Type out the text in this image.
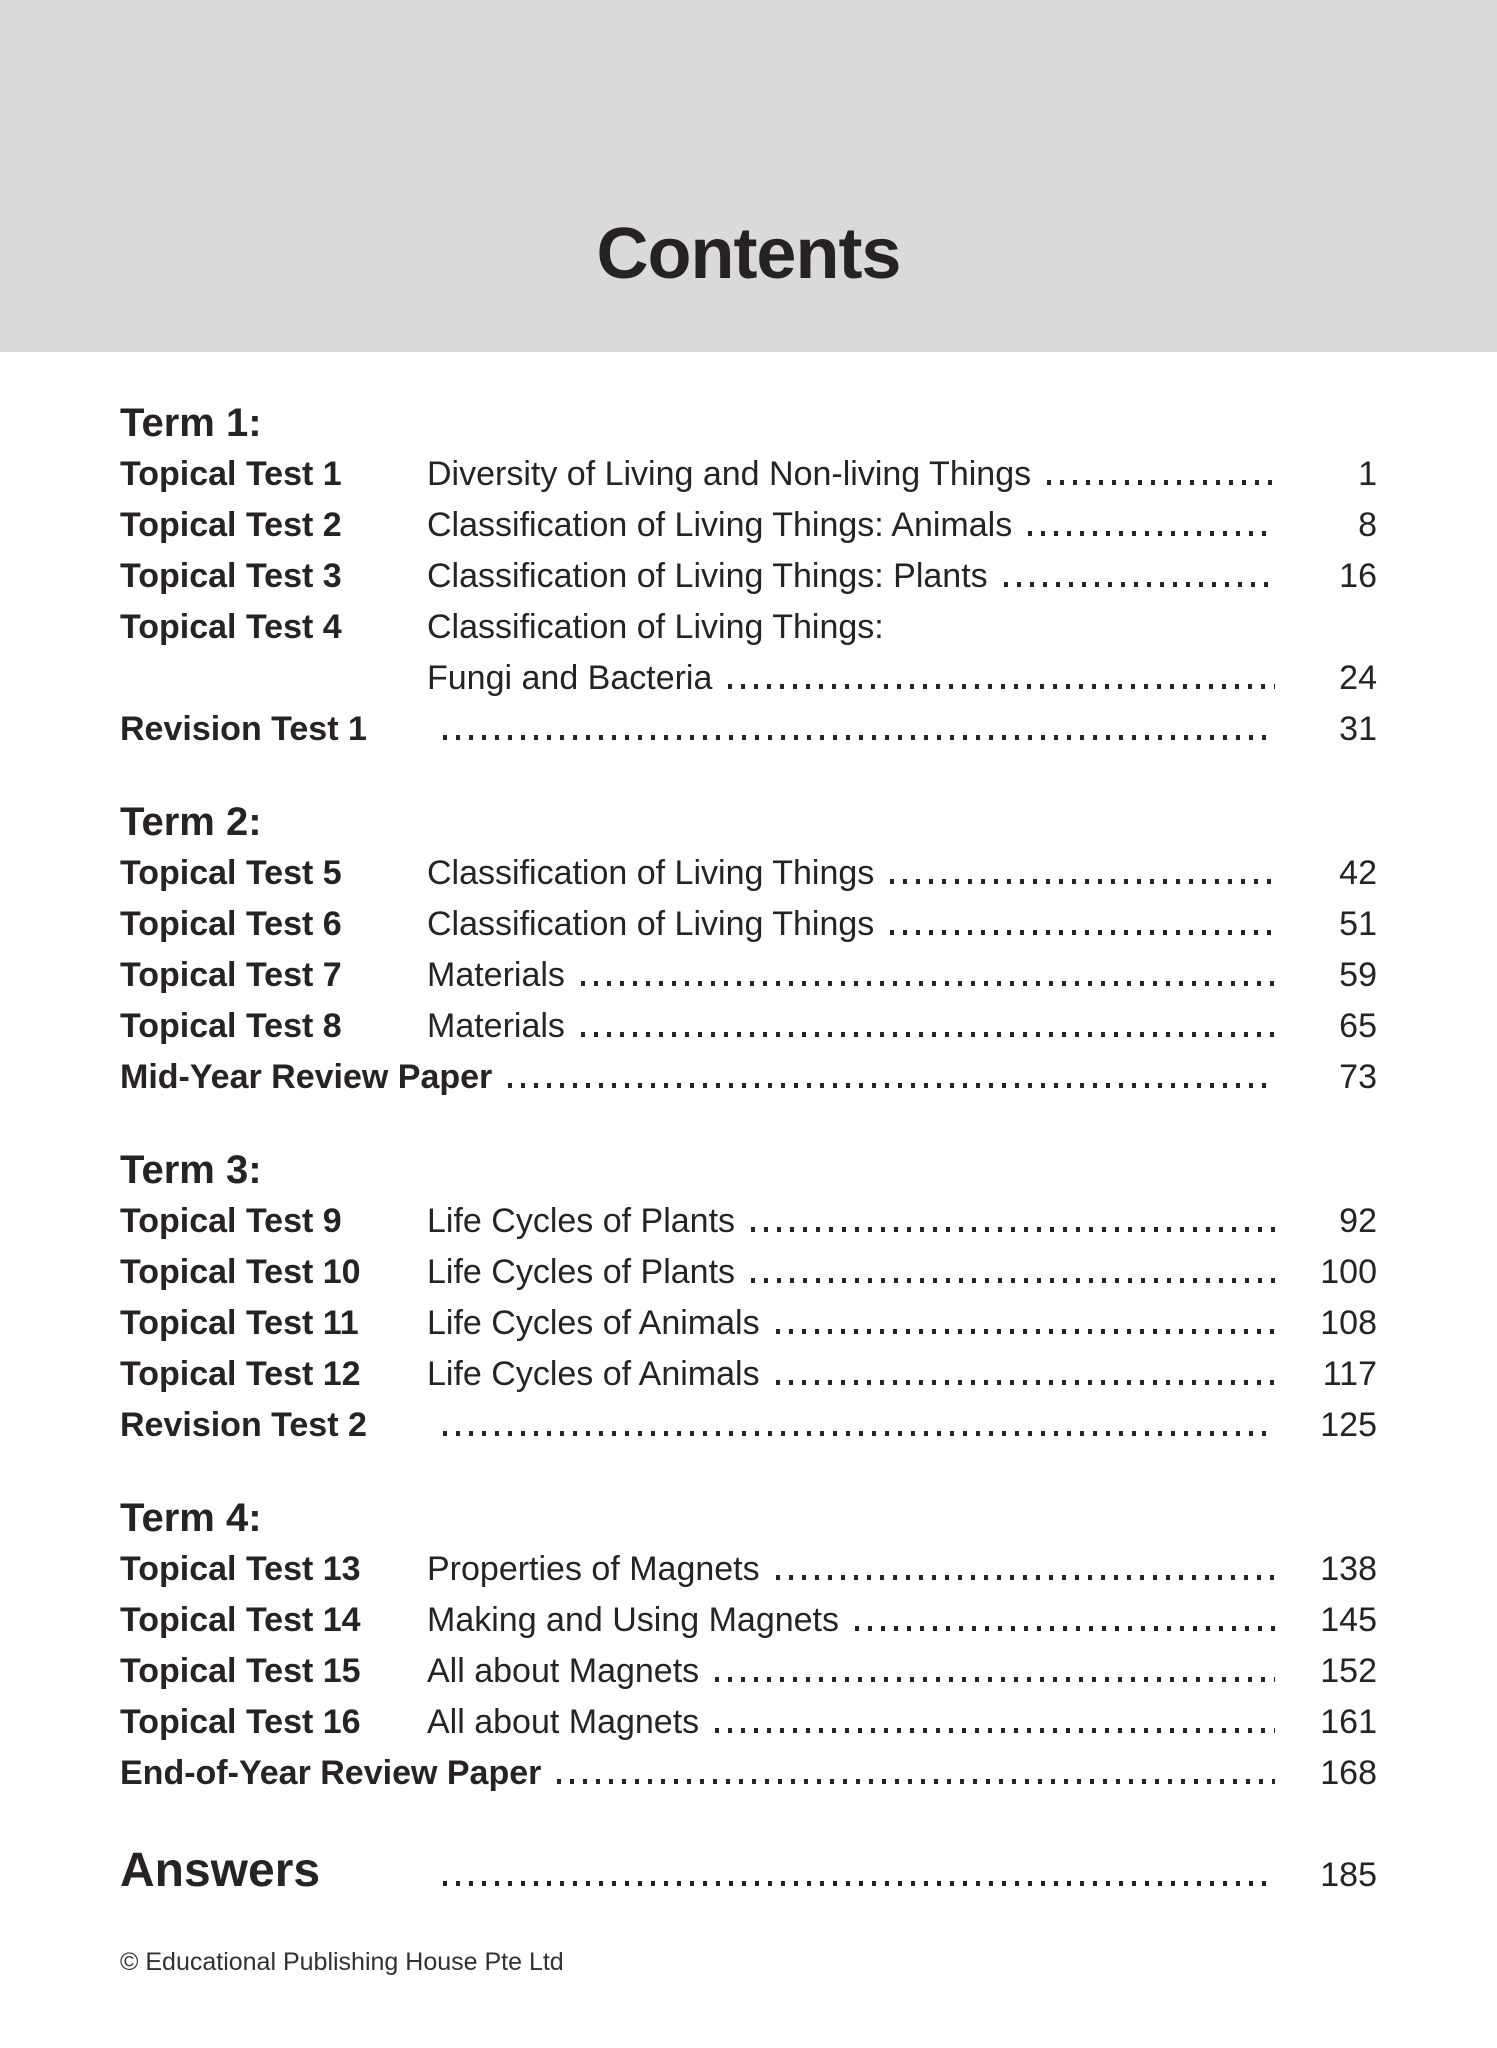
Contents
Term 1:
Topical Test 1	Diversity of Living and Non-living Things	1
Topical Test 2	Classification of Living Things: Animals	8
Topical Test 3	Classification of Living Things: Plants	16
Topical Test 4	Classification of Living Things:
Fungi and Bacteria	24
Revision Test 1	31
Term 2:
Topical Test 5	Classification of Living Things	42
Topical Test 6	Classification of Living Things	51
Topical Test 7	Materials	59
Topical Test 8	Materials	65
Mid-Year Review Paper	73
Term 3:
Topical Test 9	Life Cycles of Plants	92
Topical Test 10	Life Cycles of Plants	100
Topical Test 11	Life Cycles of Animals	108
Topical Test 12	Life Cycles of Animals	117
Revision Test 2	125
Term 4:
Topical Test 13	Properties of Magnets	138
Topical Test 14	Making and Using Magnets	145
Topical Test 15	All about Magnets	152
Topical Test 16	All about Magnets	161
End-of-Year Review Paper	168
Answers	185
© Educational Publishing House Pte Ltd
